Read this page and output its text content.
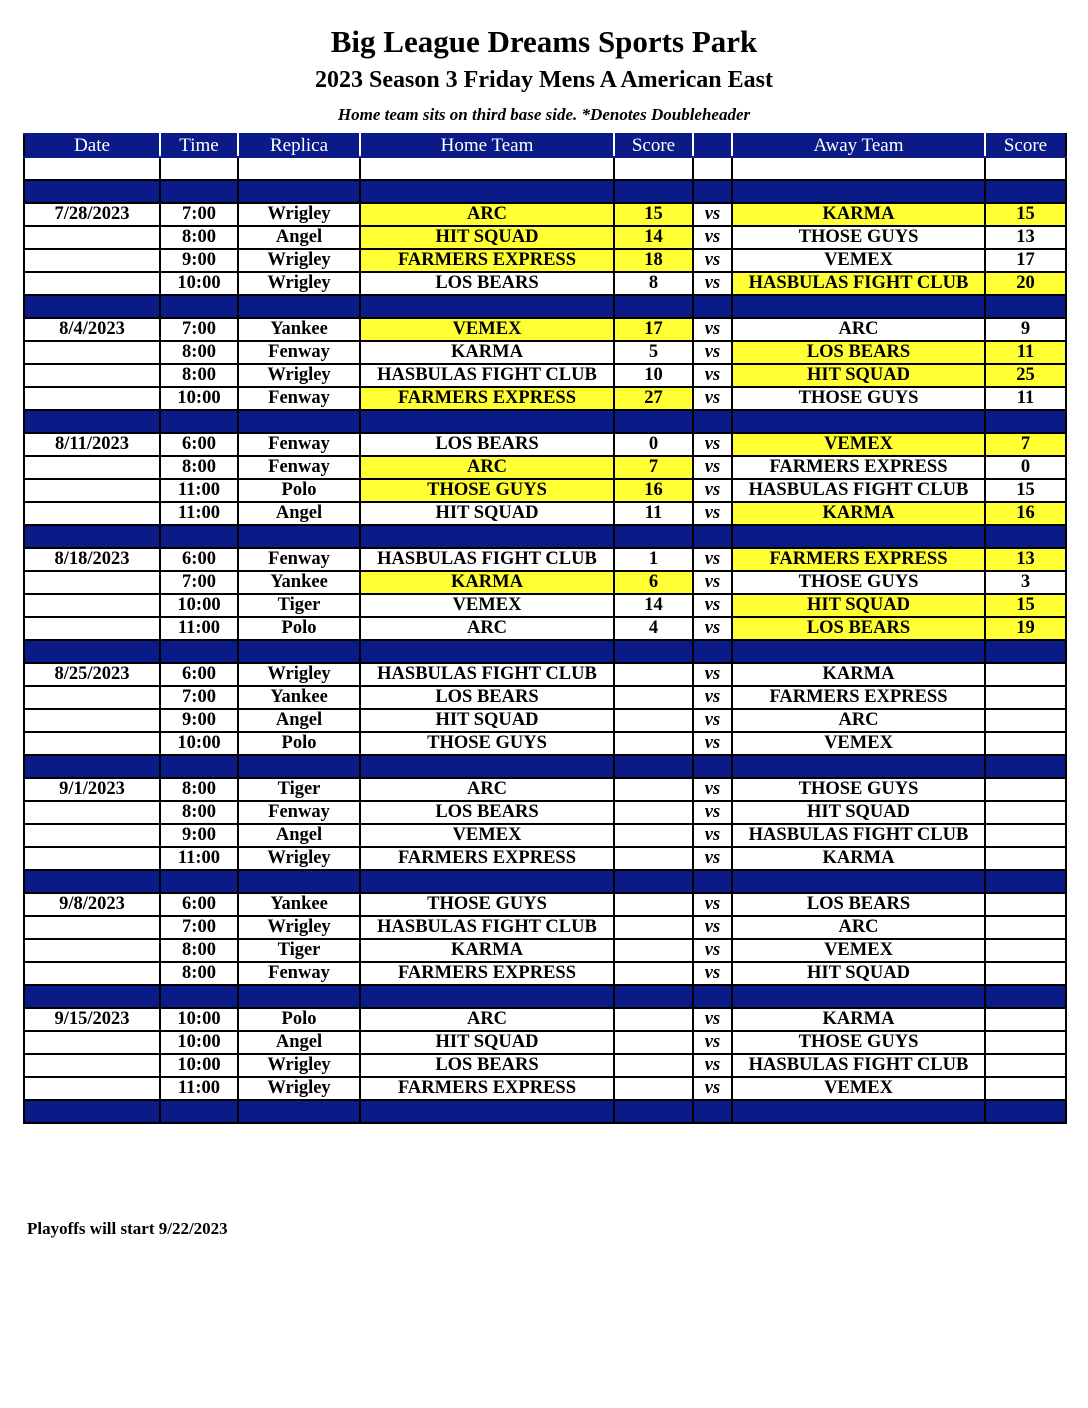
Big League Dreams Sports Park
2023 Season 3 Friday Mens A American East
Home team sits on third base side. *Denotes Doubleheader
Date	Time	Replica	Home Team	Score		Away Team	Score

7/28/2023	7:00	Wrigley	ARC	15	vs	KARMA	15
	8:00	Angel	HIT SQUAD	14	vs	THOSE GUYS	13
	9:00	Wrigley	FARMERS EXPRESS	18	vs	VEMEX	17
	10:00	Wrigley	LOS BEARS	8	vs	HASBULAS FIGHT CLUB	20

8/4/2023	7:00	Yankee	VEMEX	17	vs	ARC	9
	8:00	Fenway	KARMA	5	vs	LOS BEARS	11
	8:00	Wrigley	HASBULAS FIGHT CLUB	10	vs	HIT SQUAD	25
	10:00	Fenway	FARMERS EXPRESS	27	vs	THOSE GUYS	11

8/11/2023	6:00	Fenway	LOS BEARS	0	vs	VEMEX	7
	8:00	Fenway	ARC	7	vs	FARMERS EXPRESS	0
	11:00	Polo	THOSE GUYS	16	vs	HASBULAS FIGHT CLUB	15
	11:00	Angel	HIT SQUAD	11	vs	KARMA	16

8/18/2023	6:00	Fenway	HASBULAS FIGHT CLUB	1	vs	FARMERS EXPRESS	13
	7:00	Yankee	KARMA	6	vs	THOSE GUYS	3
	10:00	Tiger	VEMEX	14	vs	HIT SQUAD	15
	11:00	Polo	ARC	4	vs	LOS BEARS	19

8/25/2023	6:00	Wrigley	HASBULAS FIGHT CLUB		vs	KARMA	
	7:00	Yankee	LOS BEARS		vs	FARMERS EXPRESS	
	9:00	Angel	HIT SQUAD		vs	ARC	
	10:00	Polo	THOSE GUYS		vs	VEMEX	

9/1/2023	8:00	Tiger	ARC		vs	THOSE GUYS	
	8:00	Fenway	LOS BEARS		vs	HIT SQUAD	
	9:00	Angel	VEMEX		vs	HASBULAS FIGHT CLUB	
	11:00	Wrigley	FARMERS EXPRESS		vs	KARMA	

9/8/2023	6:00	Yankee	THOSE GUYS		vs	LOS BEARS	
	7:00	Wrigley	HASBULAS FIGHT CLUB		vs	ARC	
	8:00	Tiger	KARMA		vs	VEMEX	
	8:00	Fenway	FARMERS EXPRESS		vs	HIT SQUAD	

9/15/2023	10:00	Polo	ARC		vs	KARMA	
	10:00	Angel	HIT SQUAD		vs	THOSE GUYS	
	10:00	Wrigley	LOS BEARS		vs	HASBULAS FIGHT CLUB	
	11:00	Wrigley	FARMERS EXPRESS		vs	VEMEX	

Playoffs will start 9/22/2023
